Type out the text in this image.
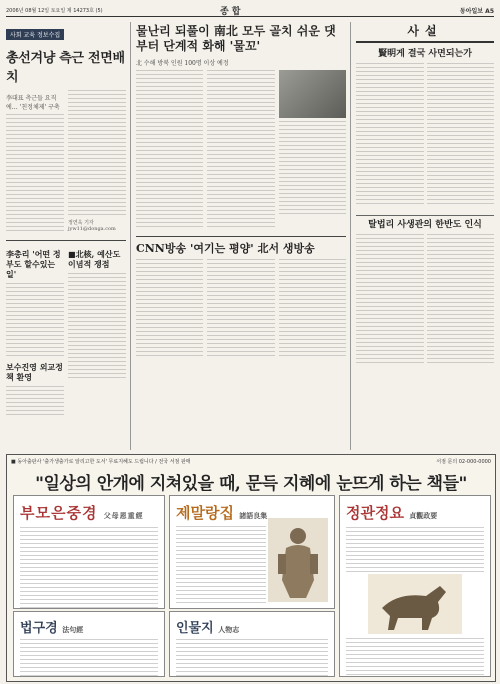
2006년 08월 12일 토요일 제 14273호 (5)	종합	동아일보 A5
사회 교육 정보수집
총선겨냥 측근 전면배치
李대표 측근들 요직에… '친정체제' 구축
정연욱 기자 jyw11@donga.com
李총리 '어떤 정부도 할수있는 일'
보수진영 외교정책 환영
■北核, 예산도 이념적 쟁점
물난리 되풀이 南北 모두 골치 쉬운 댓부터 단계적 화해 '물꼬'
北 수해 방북 인원 100명 이상 예정
CNN방송 '여기는 평양' 北서 생방송
사설
賢明게 결국 사면되는가
탈법리 사생관의 한반도 인식
■ 동아출판사 '출가생출가로 알리고한 도서' 무료지혜도 드립니다 / 전국 서점 판매	서점 문의 02-000-0000
"일상의 안개에 지쳐있을 때, 문득 지혜에 눈뜨게 하는 책들"
부모은중경 父母恩重經
법구경 法句經
제말랑집 諸語良集
인물지 人物志
정관정요 貞觀政要
